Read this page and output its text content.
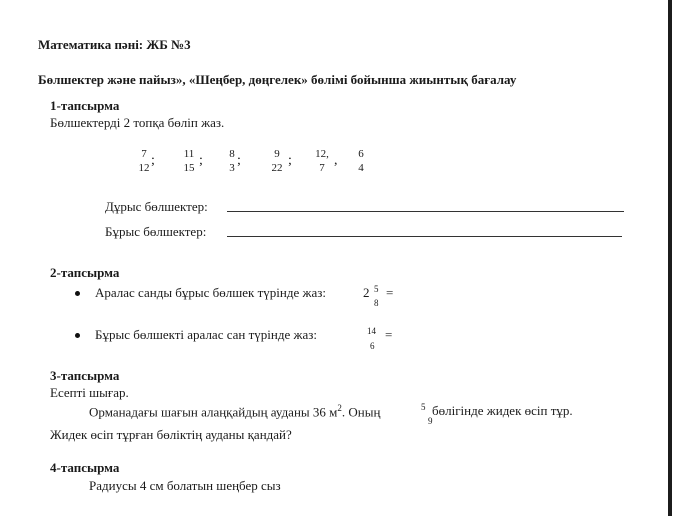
Математика пәні: ЖБ №3
Бөлшектер және пайыз», «Шеңбер, дөңгелек» бөлімі бойынша жиынтық бағалау
1-тапсырма
Бөлшектерді 2 топқа бөліп жаз.
7
12 ;	11
15 ; 8
3 ;	9
22 ; 12,
7 , 6
4
Дұрыс бөлшектер:
Бұрыс бөлшектер:
2-тапсырма
Аралас санды бұрыс бөлшек түрінде жаз:	2 5
8
=
Бұрыс бөлшекті аралас сан түрінде жаз:	14
6
=
3-тапсырма
Есепті шығар.
Орманадағы шағын алаңқайдың ауданы 36 $м^2$. Оның	5
9
бөлігінде жидек өсіп тұр.
Жидек өсіп тұрған бөліктің ауданы қандай?
4-тапсырма
Радиусы 4 см болатын шеңбер сыз
